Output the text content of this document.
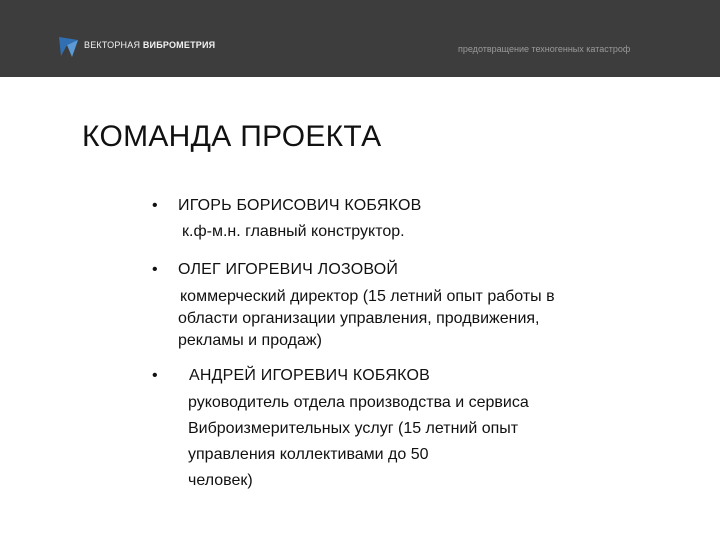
ВЕКТОРНАЯ ВИБРОМЕТРИЯ	предотвращение техногенных катастроф
КОМАНДА ПРОЕКТА
• ИГОРЬ БОРИСОВИЧ КОБЯКОВ
к.ф-м.н. главный конструктор.
• ОЛЕГ ИГОРЕВИЧ ЛОЗОВОЙ
коммерческий директор (15 летний опыт работы в
области организации управления, продвижения,
рекламы и продаж)
• АНДРЕЙ ИГОРЕВИЧ КОБЯКОВ
руководитель отдела производства и сервиса
Виброизмерительных услуг (15 летний опыт
управления коллективами до 50
человек)
